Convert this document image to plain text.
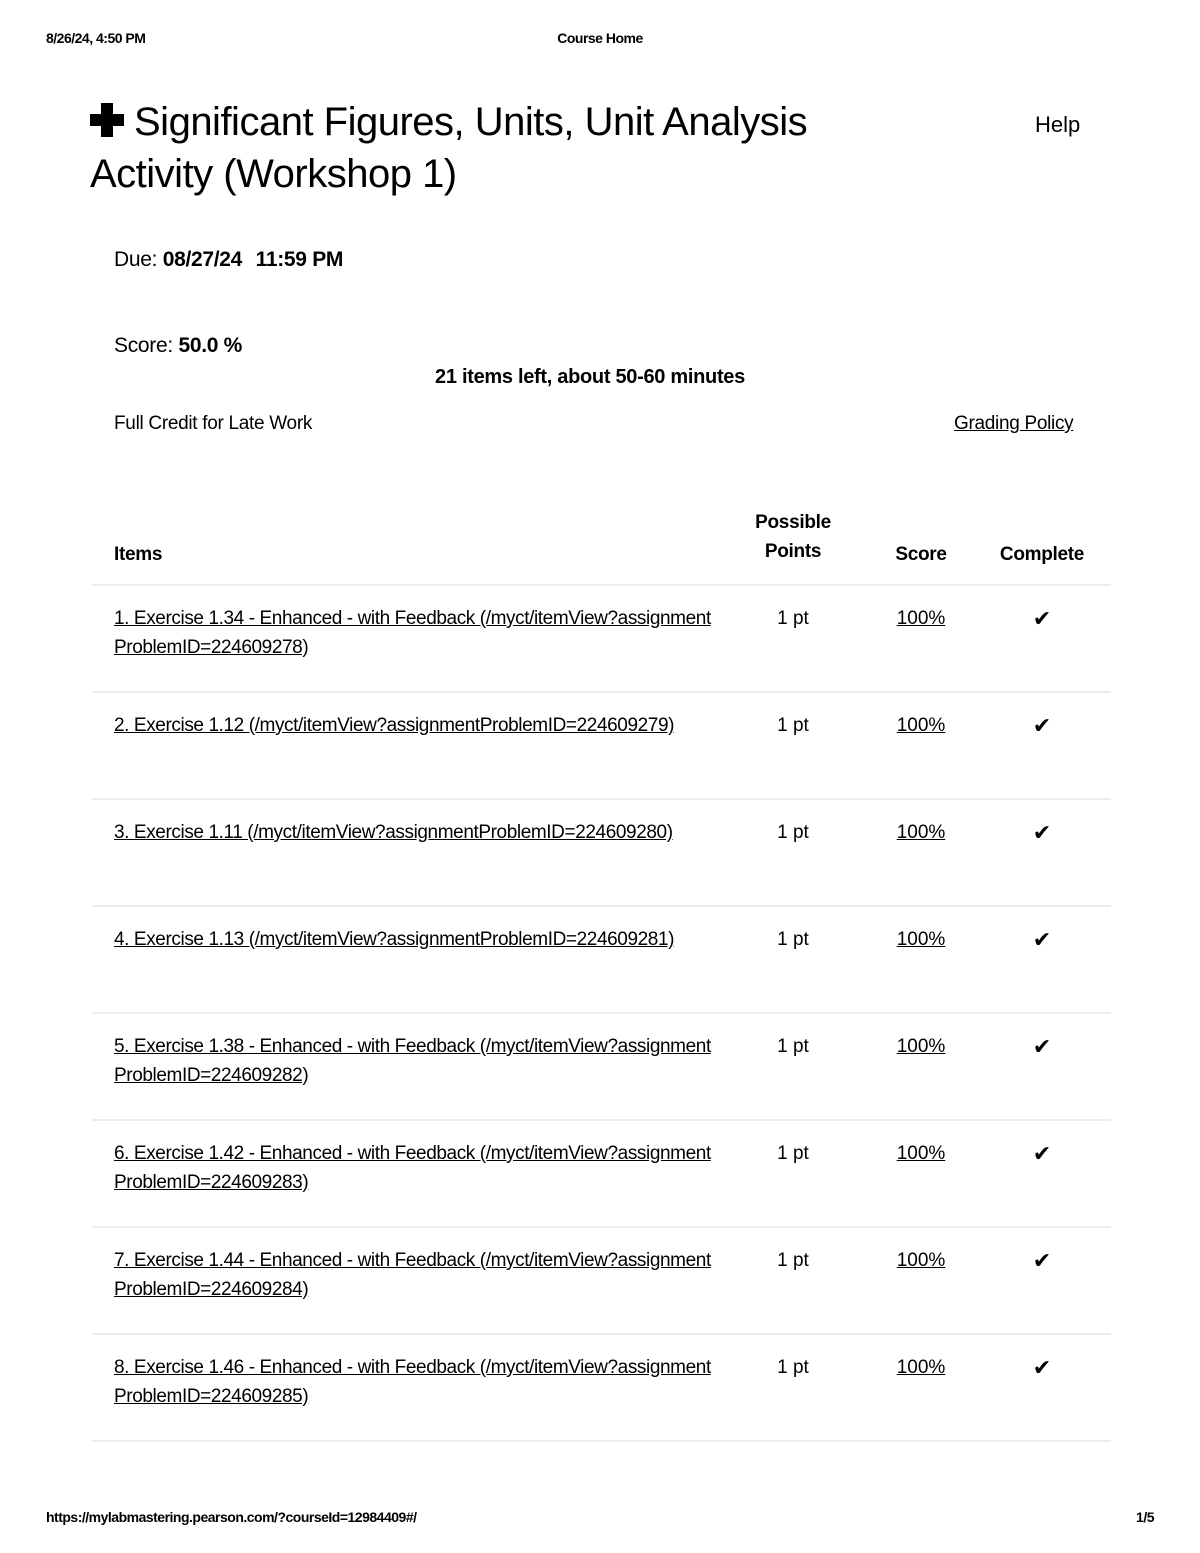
8/26/24, 4:50 PM	Course Home
Significant Figures, Units, Unit Analysis Activity (Workshop 1)
Help
Due: 08/27/24 11:59 PM
Score: 50.0 %
21 items left, about 50-60 minutes
Full Credit for Late Work	Grading Policy
Items
Possible Points	Score	Complete
1. Exercise 1.34 - Enhanced - with Feedback (/myct/itemView?assignmentProblemID=224609278)
1 pt	100%	✔
2. Exercise 1.12 (/myct/itemView?assignmentProblemID=224609279)	1 pt	100%	✔
3. Exercise 1.11 (/myct/itemView?assignmentProblemID=224609280)	1 pt	100%	✔
4. Exercise 1.13 (/myct/itemView?assignmentProblemID=224609281)	1 pt	100%	✔
5. Exercise 1.38 - Enhanced - with Feedback (/myct/itemView?assignmentProblemID=224609282)
1 pt	100%	✔
6. Exercise 1.42 - Enhanced - with Feedback (/myct/itemView?assignmentProblemID=224609283)
1 pt	100%	✔
7. Exercise 1.44 - Enhanced - with Feedback (/myct/itemView?assignmentProblemID=224609284)
1 pt	100%	✔
8. Exercise 1.46 - Enhanced - with Feedback (/myct/itemView?assignmentProblemID=224609285)
1 pt	100%	✔
https://mylabmastering.pearson.com/?courseId=12984409#/	1/5
